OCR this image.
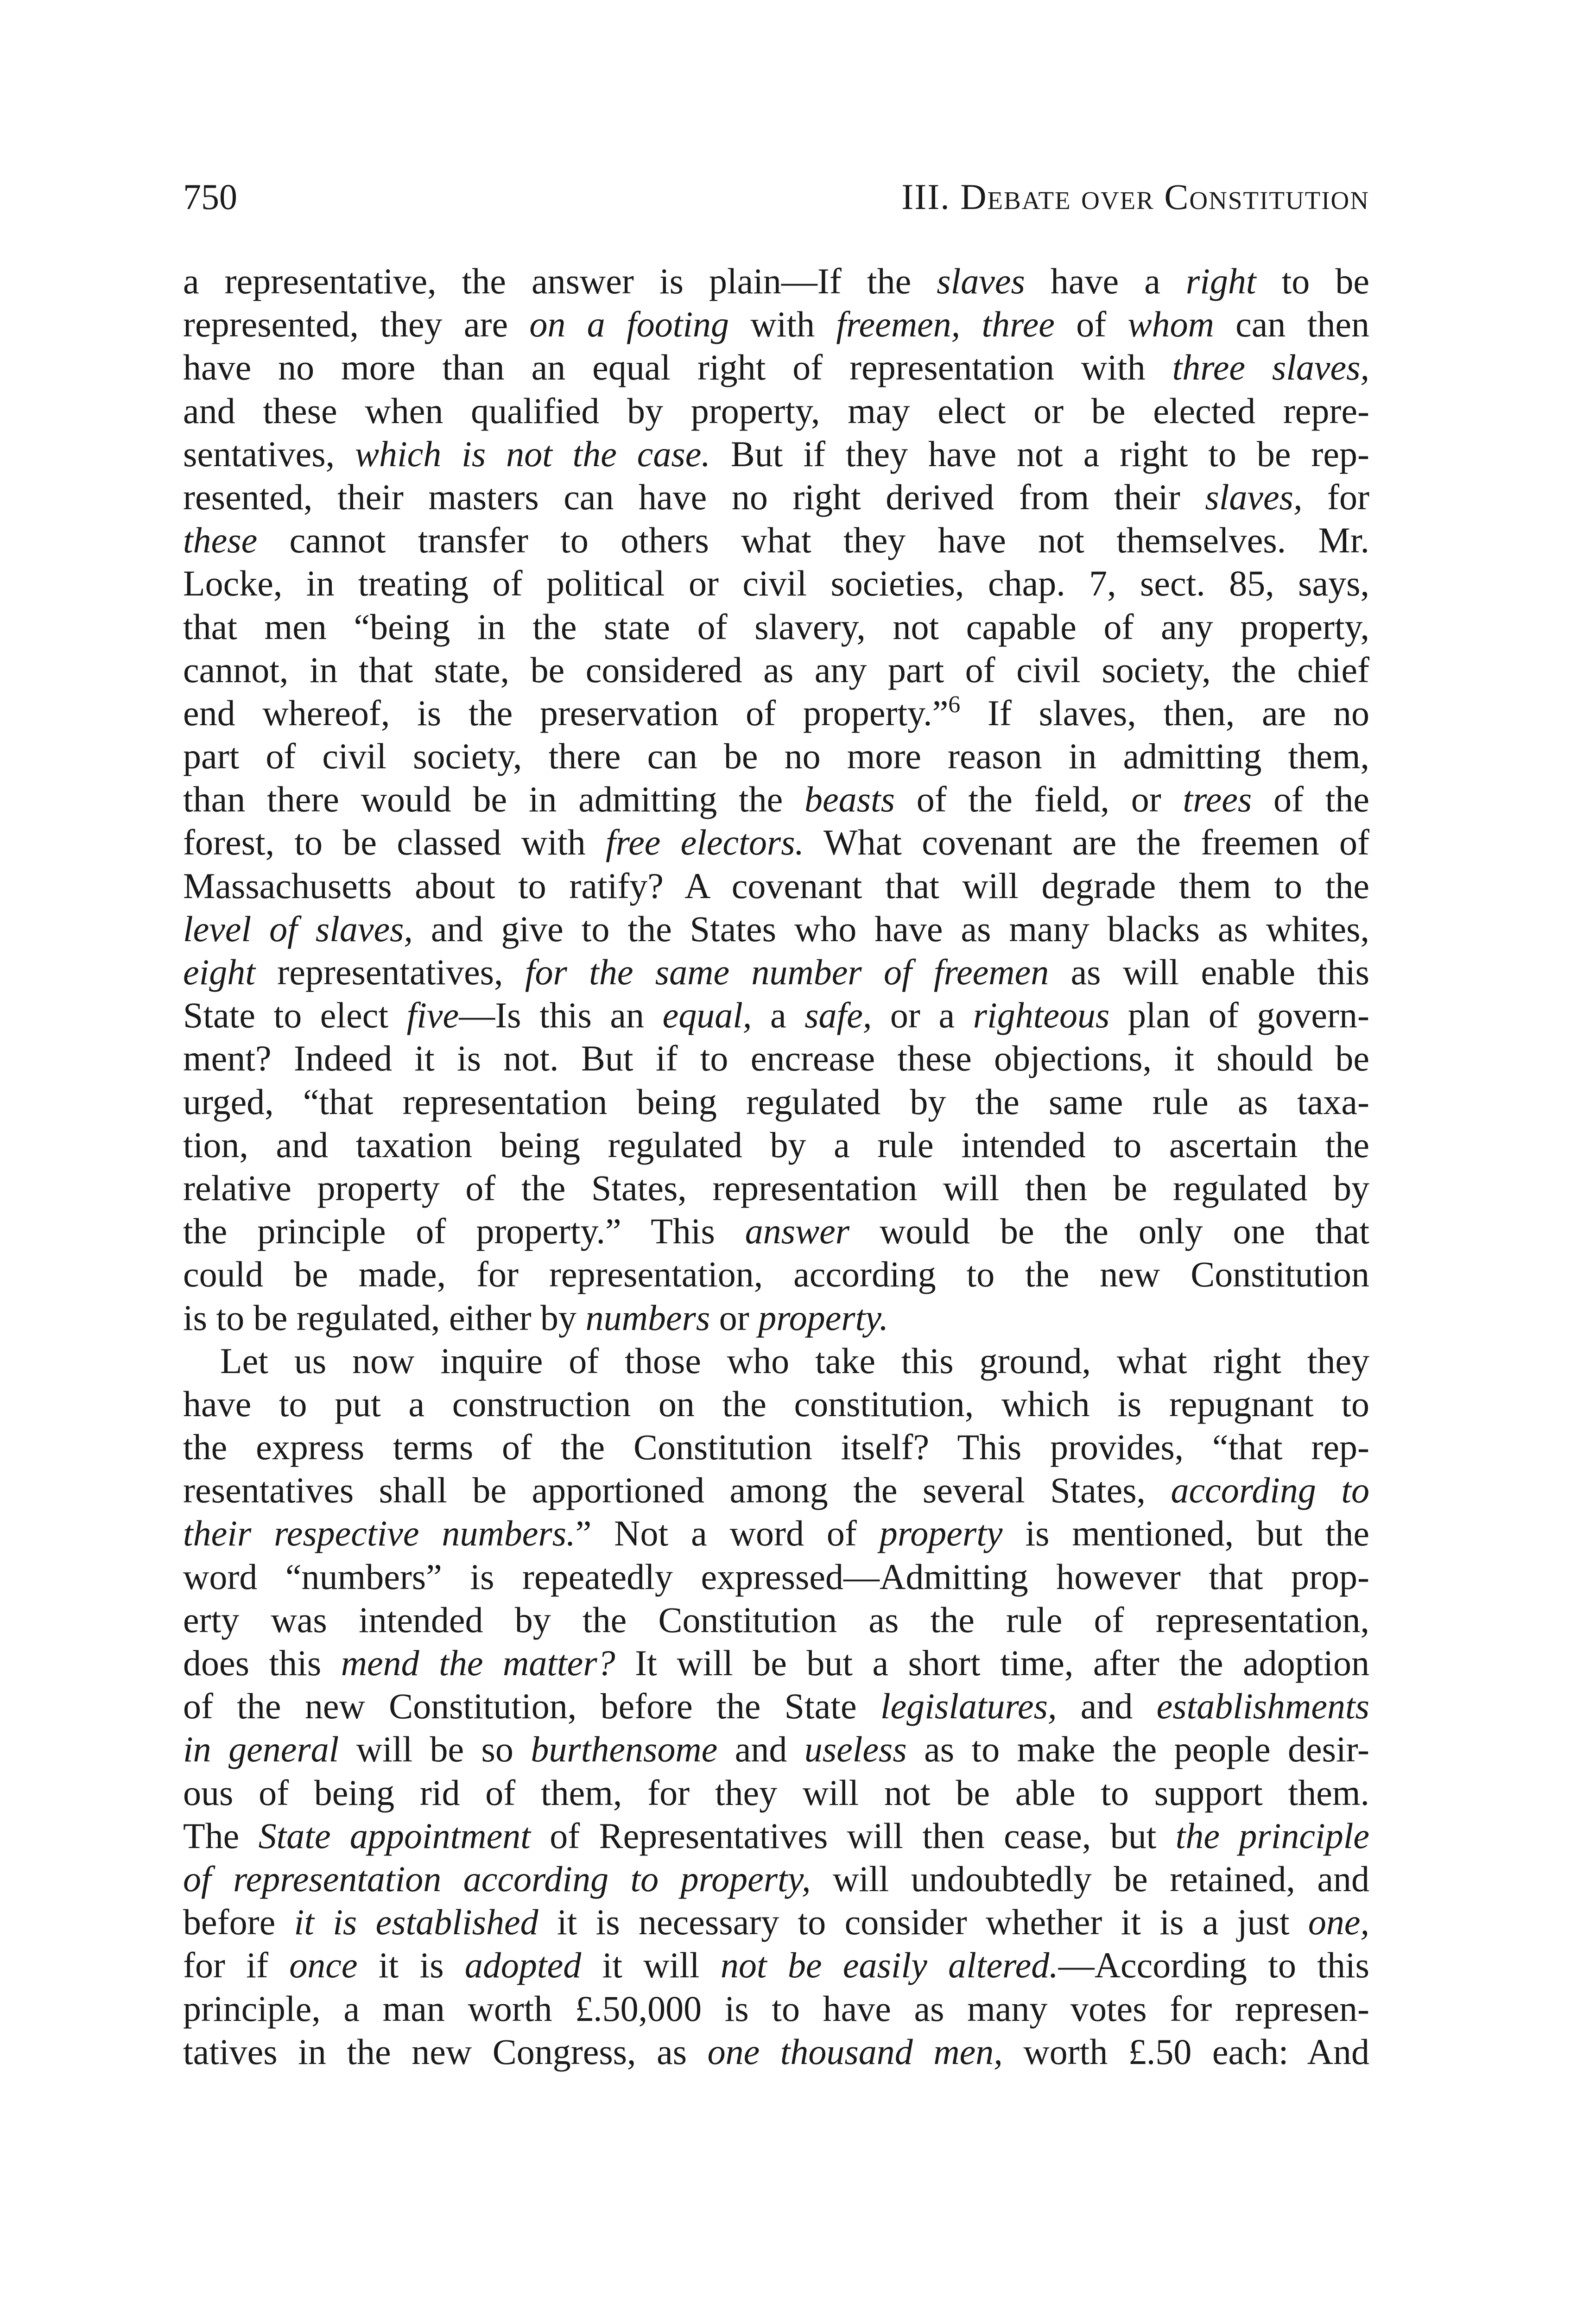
750	III. Debate over Constitution
a representative, the answer is plain—If the slaves have a right to be
represented, they are on a footing with freemen, three of whom can then
have no more than an equal right of representation with three slaves,
and these when qualified by property, may elect or be elected repre-
sentatives, which is not the case. But if they have not a right to be rep-
resented, their masters can have no right derived from their slaves, for
these cannot transfer to others what they have not themselves. Mr.
Locke, in treating of political or civil societies, chap. 7, sect. 85, says,
that men “being in the state of slavery, not capable of any property,
cannot, in that state, be considered as any part of civil society, the chief
end whereof, is the preservation of property.”$^6$ If slaves, then, are no
part of civil society, there can be no more reason in admitting them,
than there would be in admitting the beasts of the field, or trees of the
forest, to be classed with free electors. What covenant are the freemen of
Massachusetts about to ratify? A covenant that will degrade them to the
level of slaves, and give to the States who have as many blacks as whites,
eight representatives, for the same number of freemen as will enable this
State to elect five—Is this an equal, a safe, or a righteous plan of govern-
ment? Indeed it is not. But if to encrease these objections, it should be
urged, “that representation being regulated by the same rule as taxa-
tion, and taxation being regulated by a rule intended to ascertain the
relative property of the States, representation will then be regulated by
the principle of property.” This answer would be the only one that
could be made, for representation, according to the new Constitution
is to be regulated, either by numbers or property.
Let us now inquire of those who take this ground, what right they
have to put a construction on the constitution, which is repugnant to
the express terms of the Constitution itself? This provides, “that rep-
resentatives shall be apportioned among the several States, according to
their respective numbers.” Not a word of property is mentioned, but the
word “numbers” is repeatedly expressed—Admitting however that prop-
erty was intended by the Constitution as the rule of representation,
does this mend the matter? It will be but a short time, after the adoption
of the new Constitution, before the State legislatures, and establishments
in general will be so burthensome and useless as to make the people desir-
ous of being rid of them, for they will not be able to support them.
The State appointment of Representatives will then cease, but the principle
of representation according to property, will undoubtedly be retained, and
before it is established it is necessary to consider whether it is a just one,
for if once it is adopted it will not be easily altered.—According to this
principle, a man worth £.50,000 is to have as many votes for represen-
tatives in the new Congress, as one thousand men, worth £.50 each: And
